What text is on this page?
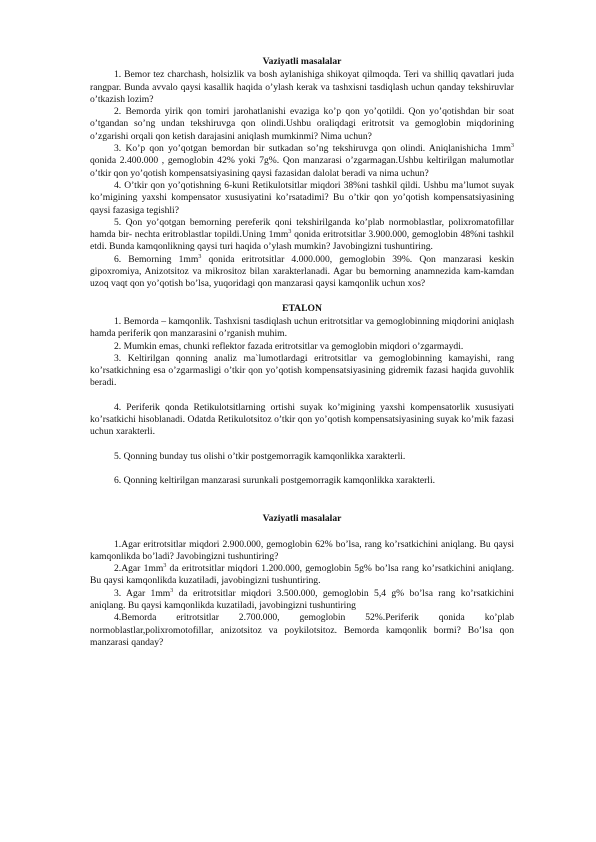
Vaziyatli masalalar

1. Bemor tez charchash, holsizlik va bosh aylanishiga shikoyat qilmoqda. Teri va shilliq qavatlari juda rangpar. Bunda avvalo qaysi kasallik haqida o’ylash kerak va tashxisni tasdiqlash uchun qanday tekshiruvlar o’tkazish lozim?

2. Bemorda yirik qon tomiri jarohatlanishi evaziga ko’p qon yo’qotildi. Qon yo’qotishdan bir soat o’tgandan so’ng undan tekshiruvga qon olindi.Ushbu oraliqdagi eritrotsit va gemoglobin miqdorining o’zgarishi orqali qon ketish darajasini aniqlash mumkinmi? Nima uchun?

3. Ko’p qon yo’qotgan bemordan bir sutkadan so’ng tekshiruvga qon olindi. Aniqlanishicha $1mm^3$ qonida 2.400.000 , gemoglobin 42% yoki 7g%. Qon manzarasi o’zgarmagan.Ushbu keltirilgan malumotlar o’tkir qon yo’qotish kompensatsiyasining qaysi fazasidan dalolat beradi va nima uchun?

4. O’tkir qon yo’qotishning 6-kuni Retikulotsitlar miqdori 38%ni tashkil qildi. Ushbu ma’lumot suyak ko’migining yaxshi kompensator xususiyatini ko’rsatadimi? Bu o’tkir qon yo’qotish kompensatsiyasining qaysi fazasiga tegishli?

5. Qon yo’qotgan bemorning pereferik qoni tekshirilganda ko’plab normoblastlar, polixromatofillar hamda bir- nechta eritroblastlar topildi.Uning $1mm^3$ qonida eritrotsitlar 3.900.000, gemoglobin 48%ni tashkil etdi. Bunda kamqonlikning qaysi turi haqida o’ylash mumkin? Javobingizni tushuntiring.

6. Bemorning $1mm^3$ qonida eritrotsitlar 4.000.000, gemoglobin 39%. Qon manzarasi keskin gipoxromiya, Anizotsitoz va mikrositoz bilan xarakterlanadi. Agar bu bemorning anamnezida kam-kamdan uzoq vaqt qon yo’qotish bo’lsa, yuqoridagi qon manzarasi qaysi kamqonlik uchun xos?

ETALON

1. Bemorda – kamqonlik. Tashxisni tasdiqlash uchun eritrotsitlar va gemoglobinning miqdorini aniqlash hamda periferik qon manzarasini o’rganish muhim.

2. Mumkin emas, chunki reflektor fazada eritrotsitlar va gemoglobin miqdori o’zgarmaydi.

3. Keltirilgan qonning analiz ma`lumotlardagi eritrotsitlar va gemoglobinning kamayishi, rang ko’rsatkichning esa o’zgarmasligi o’tkir qon yo’qotish kompensatsiyasining gidremik fazasi haqida guvohlik beradi.

4. Periferik qonda Retikulotsitlarning ortishi suyak ko’migining yaxshi kompensatorlik xususiyati ko’rsatkichi hisoblanadi. Odatda Retikulotsitoz o’tkir qon yo’qotish kompensatsiyasining suyak ko’mik fazasi uchun xarakterli.

5. Qonning bunday tus olishi o’tkir postgemorragik kamqonlikka xarakterli.

6. Qonning keltirilgan manzarasi surunkali postgemorragik kamqonlikka xarakterli.

Vaziyatli masalalar

1.Agar eritrotsitlar miqdori 2.900.000, gemoglobin 62% bo’lsa, rang ko’rsatkichini aniqlang. Bu qaysi kamqonlikda bo’ladi? Javobingizni tushuntiring?

2.Agar $1mm^3$ da eritrotsitlar miqdori 1.200.000, gemoglobin 5g% bo’lsa rang ko’rsatkichini aniqlang. Bu qaysi kamqonlikda kuzatiladi, javobingizni tushuntiring.

3. Agar $1mm^3$ da eritrotsitlar miqdori 3.500.000, gemoglobin 5,4 g% bo’lsa rang ko’rsatkichini aniqlang. Bu qaysi kamqonlikda kuzatiladi, javobingizni tushuntiring

4.Bemorda eritrotsitlar 2.700.000, gemoglobin 52%.Periferik qonida ko’plab normoblastlar,polixromotofillar, anizotsitoz va poykilotsitoz. Bemorda kamqonlik bormi? Bo’lsa qon manzarasi qanday?
